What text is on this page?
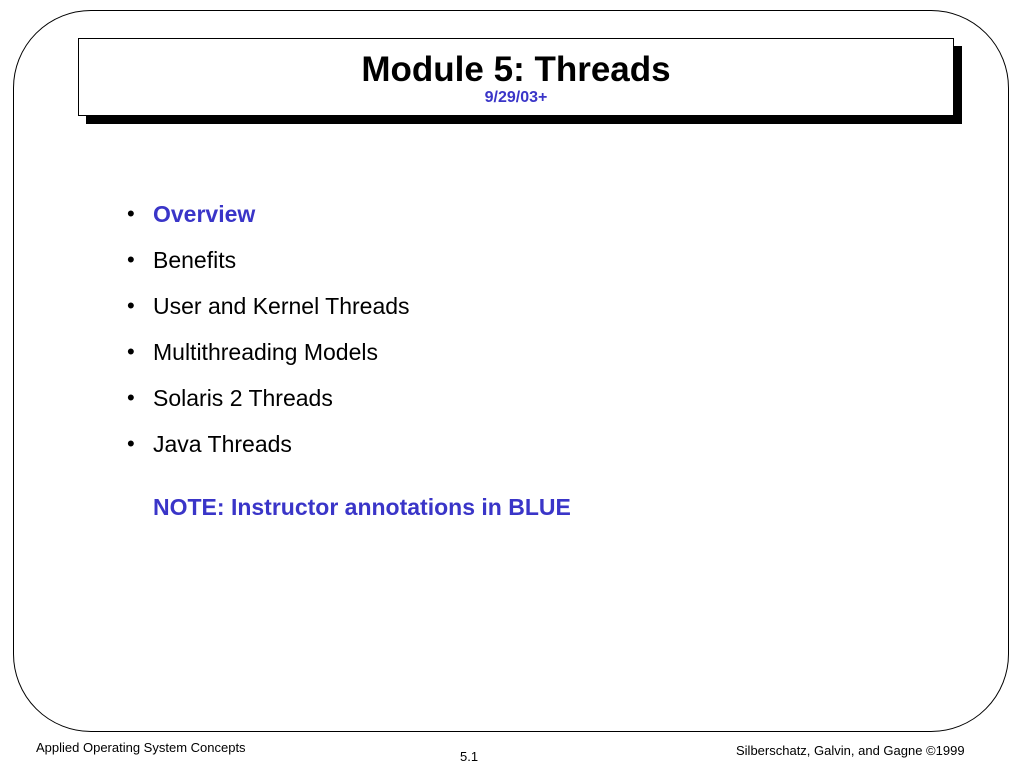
Module 5: Threads
9/29/03+
• Overview
• Benefits
• User and Kernel Threads
• Multithreading Models
• Solaris 2 Threads
• Java Threads
NOTE: Instructor annotations in BLUE
Applied Operating System Concepts
5.1	Silberschatz, Galvin, and Gagne ©1999
